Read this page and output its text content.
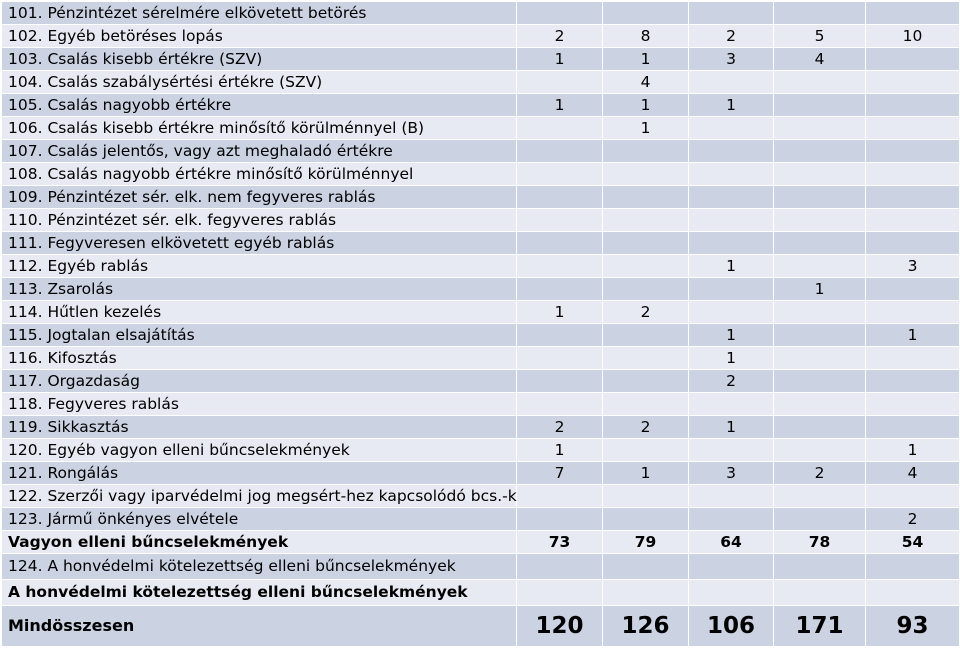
101. Pénzintézet sérelmére elkövetett betörés					
102. Egyéb betöréses lopás	2	8	2	5	10
103. Csalás kisebb értékre (SZV)	1	1	3	4	
104. Csalás szabálysértési értékre (SZV)		4			
105. Csalás nagyobb értékre	1	1	1		
106. Csalás kisebb értékre minősítő körülménnyel (B)		1			
107. Csalás jelentős, vagy azt meghaladó értékre					
108. Csalás nagyobb értékre minősítő körülménnyel					
109. Pénzintézet sér. elk. nem fegyveres rablás					
110. Pénzintézet sér. elk. fegyveres rablás					
111. Fegyveresen elkövetett egyéb rablás					
112. Egyéb rablás			1		3
113. Zsarolás				1	
114. Hűtlen kezelés	1	2			
115. Jogtalan elsajátítás			1		1
116. Kifosztás			1		
117. Orgazdaság			2		
118. Fegyveres rablás					
119. Sikkasztás	2	2	1		
120. Egyéb vagyon elleni bűncselekmények	1				1
121. Rongálás	7	1	3	2	4
122. Szerzői vagy iparvédelmi jog megsért-hez kapcsolódó bcs.-k					
123. Jármű önkényes elvétele					2
Vagyon elleni bűncselekmények	73	79	64	78	54
124. A honvédelmi kötelezettség elleni bűncselekmények					
A honvédelmi kötelezettség elleni bűncselekmények					
Mindösszesen	120	126	106	171	93
